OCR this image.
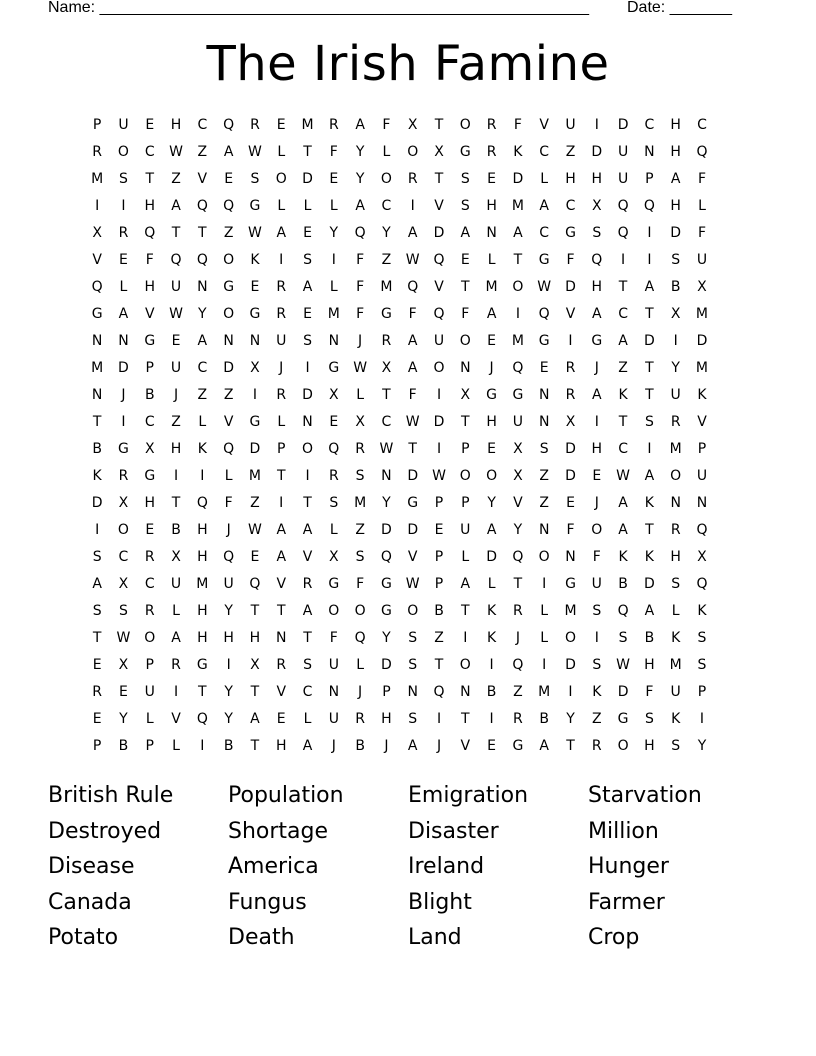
Name: _______________________________________________________ Date: _______
The Irish Famine
P	U	E	H	C	Q	R	E	M	R	A	F	X	T	O	R	F	V	U	I	D	C	H	C
R	O	C	W	Z	A	W	L	T	F	Y	L	O	X	G	R	K	C	Z	D	U	N	H	Q
M	S	T	Z	V	E	S	O	D	E	Y	O	R	T	S	E	D	L	H	H	U	P	A	F
I	I	H	A	Q	Q	G	L	L	L	A	C	I	V	S	H	M	A	C	X	Q	Q	H	L
X	R	Q	T	T	Z	W	A	E	Y	Q	Y	A	D	A	N	A	C	G	S	Q	I	D	F
V	E	F	Q	Q	O	K	I	S	I	F	Z	W Q	E	L	T	G	F	Q	I	I	S	U
Q	L	H	U	N	G	E	R	A	L	F	M	Q	V	T	M	O W D	H	T	A	B	X
G	A	V	W	Y	O	G	R	E	M	F	G	F	Q	F	A	I	Q	V	A	C	T	X	M
N	N	G	E	A	N	N	U	S	N	J	R	A	U	O	E	M	G	I	G	A	D	I	D
M	D	P	U	C	D	X	J	I	G W	X	A	O	N	J	Q	E	R	J	Z	T	Y	M
N	J	B	J	Z	Z	I	R	D	X	L	T	F	I	X	G	G	N	R	A	K	T	U	K
T	I	C	Z	L	V	G	L	N	E	X	C	W D	T	H	U	N	X	I	T	S	R	V
B	G	X	H	K	Q	D	P	O	Q	R	W	T	I	P	E	X	S	D	H	C	I	M	P
K	R	G	I	I	L	M	T	I	R	S	N	D W O	O	X	Z	D	E	W	A	O	U
D	X	H	T	Q	F	Z	I	T	S	M	Y	G	P	P	Y	V	Z	E	J	A	K	N	N
I	O	E	B	H	J	W	A	A	L	Z	D	D	E	U	A	Y	N	F	O	A	T	R	Q
S	C	R	X	H	Q	E	A	V	X	S	Q	V	P	L	D	Q	O	N	F	K	K	H	X
A	X	C	U	M	U	Q	V	R	G	F	G W	P	A	L	T	I	G	U	B	D	S	Q
S	S	R	L	H	Y	T	T	A	O	O	G	O	B	T	K	R	L	M	S	Q	A	L	K
T	W O	A	H	H	H	N	T	F	Q	Y	S	Z	I	K	J	L	O	I	S	B	K	S
E	X	P	R	G	I	X	R	S	U	L	D	S	T	O	I	Q	I	D	S	W	H	M	S
R	E	U	I	T	Y	T	V	C	N	J	P	N	Q	N	B	Z	M	I	K	D	F	U	P
E	Y	L	V	Q	Y	A	E	L	U	R	H	S	I	T	I	R	B	Y	Z	G	S	K	I
P	B	P	L	I	B	T	H	A	J	B	J	A	J	V	E	G	A	T	R	O	H	S	Y
British Rule	Population	Emigration	Starvation
Destroyed	Shortage	Disaster	Million
Disease	America	Ireland	Hunger
Canada	Fungus	Blight	Farmer
Potato	Death	Land	Crop
